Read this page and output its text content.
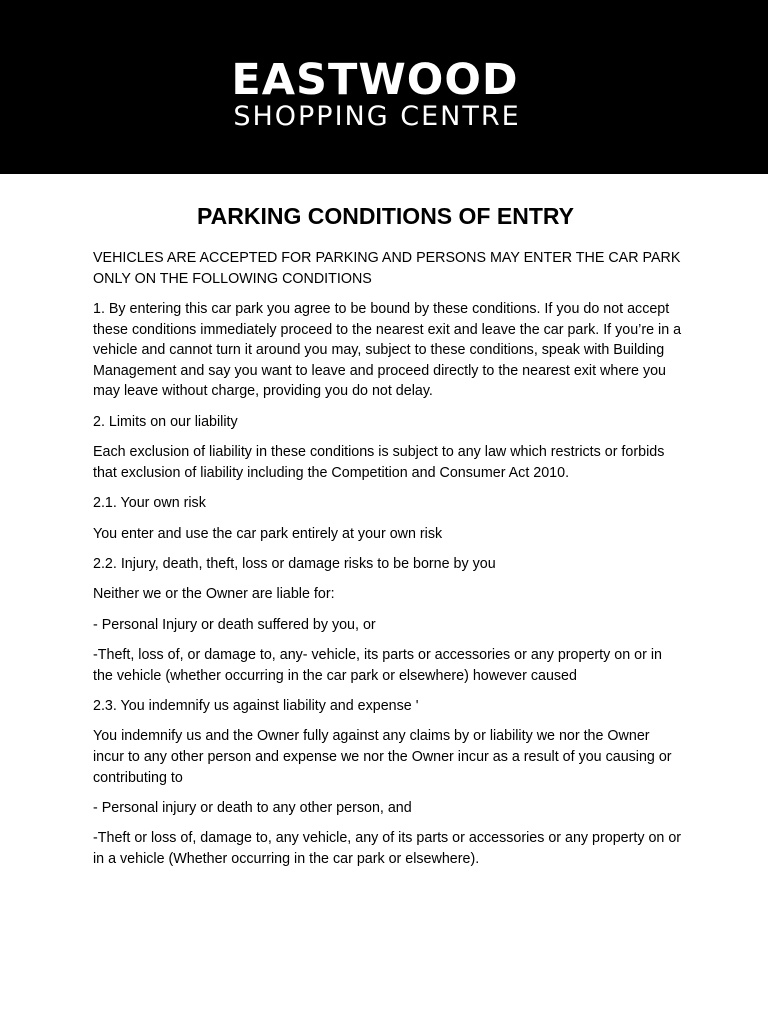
EASTWOOD
SHOPPING CENTRE
PARKING CONDITIONS OF ENTRY

VEHICLES ARE ACCEPTED FOR PARKING AND PERSONS MAY ENTER THE CAR PARK ONLY ON THE FOLLOWING CONDITIONS

1. By entering this car park you agree to be bound by these conditions. If you do not accept these conditions immediately proceed to the nearest exit and leave the car park. If you’re in a vehicle and cannot turn it around you may, subject to these conditions, speak with Building Management and say you want to leave and proceed directly to the nearest exit where you may leave without charge, providing you do not delay.

2. Limits on our liability

Each exclusion of liability in these conditions is subject to any law which restricts or forbids that exclusion of liability including the Competition and Consumer Act 2010.

2.1. Your own risk

You enter and use the car park entirely at your own risk

2.2. Injury, death, theft, loss or damage risks to be borne by you

Neither we or the Owner are liable for:

- Personal Injury or death suffered by you, or

-Theft, loss of, or damage to, any- vehicle, its parts or accessories or any property on or in the vehicle (whether occurring in the car park or elsewhere) however caused

2.3. You indemnify us against liability and expense '

You indemnify us and the Owner fully against any claims by or liability we nor the Owner incur to any other person and expense we nor the Owner incur as a result of you causing or contributing to

- Personal injury or death to any other person, and

-Theft or loss of, damage to, any vehicle, any of its parts or accessories or any property on or in a vehicle (Whether occurring in the car park or elsewhere).
